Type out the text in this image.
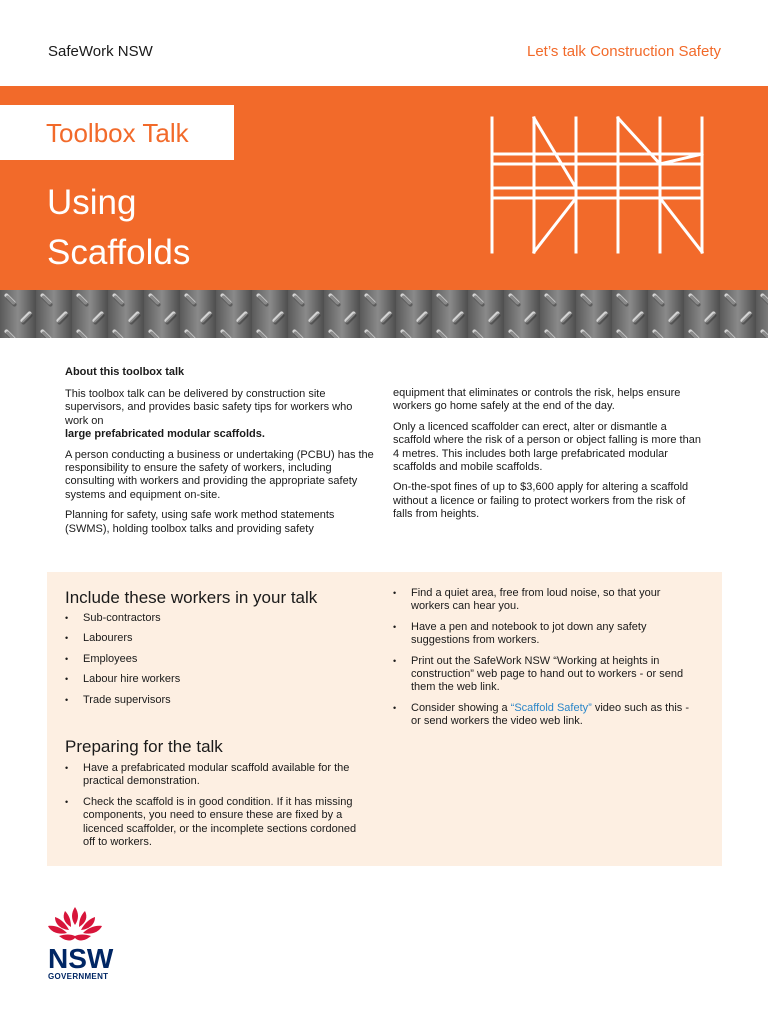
SafeWork NSW	Let’s talk Construction Safety
Toolbox Talk
Using
Scaffolds
About this toolbox talk

This toolbox talk can be delivered by construction site supervisors, and provides basic safety tips for workers who work on
large prefabricated modular scaffolds.

A person conducting a business or undertaking (PCBU) has the responsibility to ensure the safety of workers, including consulting with workers and providing the appropriate safety systems and equipment on-site.

Planning for safety, using safe work method statements (SWMS), holding toolbox talks and providing safety

equipment that eliminates or controls the risk, helps ensure workers go home safely at the end of the day.

Only a licenced scaffolder can erect, alter or dismantle a scaffold where the risk of a person or object falling is more than 4 metres. This includes both large prefabricated modular scaffolds and mobile scaffolds.

On-the-spot fines of up to $3,600 apply for altering a scaffold without a licence or failing to protect workers from the risk of falls from heights.

Include these workers in your talk
• Sub-contractors
• Labourers
• Employees
• Labour hire workers
• Trade supervisors
Preparing for the talk
• Have a prefabricated modular scaffold available for the practical demonstration.
• Check the scaffold is in good condition. If it has missing components, you need to ensure these are fixed by a licenced scaffolder, or the incomplete sections cordoned off to workers.
• Find a quiet area, free from loud noise, so that your workers can hear you.
• Have a pen and notebook to jot down any safety suggestions from workers.
• Print out the SafeWork NSW “Working at heights in construction” web page to hand out to workers - or send them the web link.
• Consider showing a “Scaffold Safety” video such as this - or send workers the video web link.
NSW
GOVERNMENT
